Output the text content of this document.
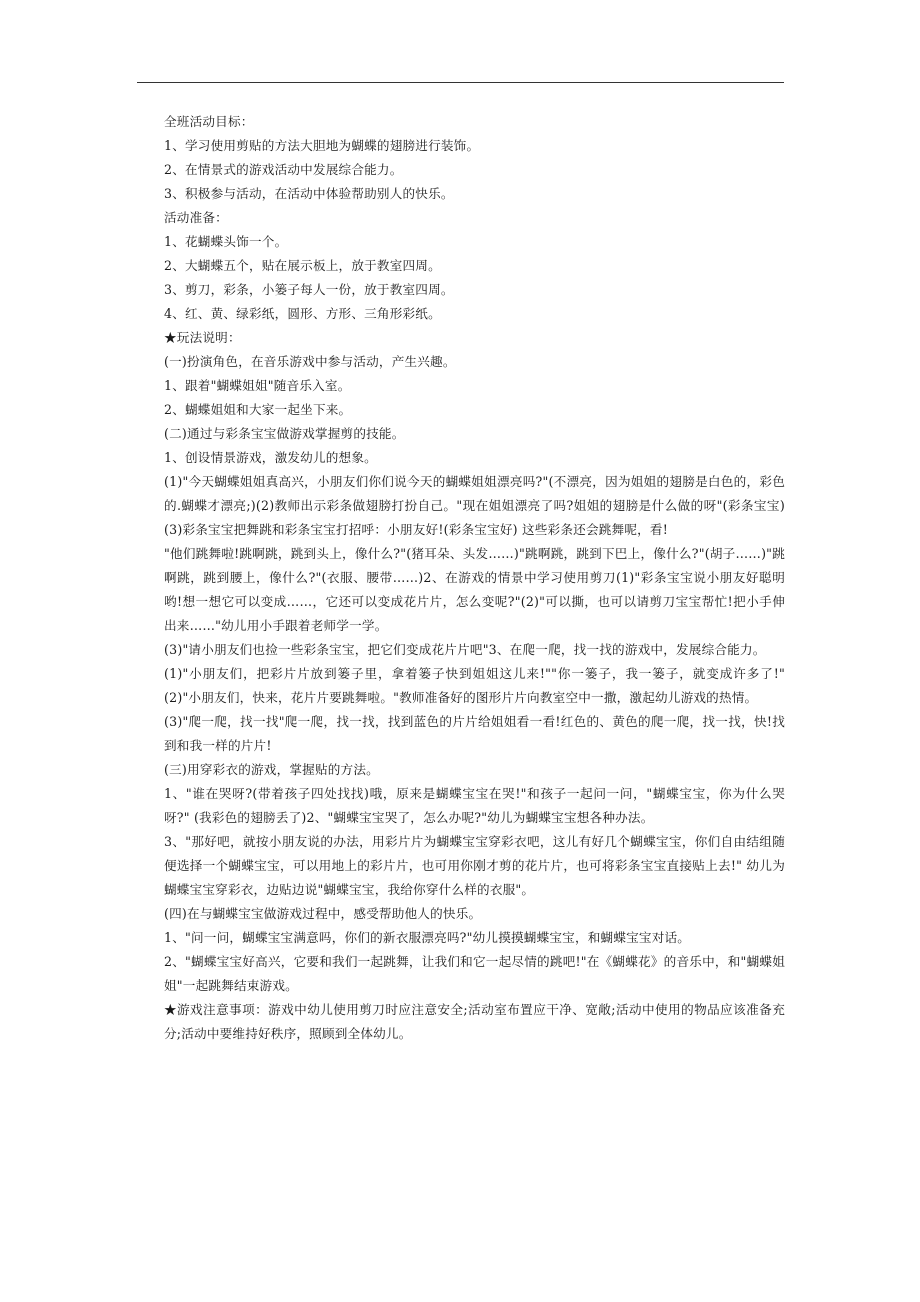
全班活动目标：

1、学习使用剪贴的方法大胆地为蝴蝶的翅膀进行装饰。

2、在情景式的游戏活动中发展综合能力。

3、积极参与活动，在活动中体验帮助别人的快乐。

活动准备：

1、花蝴蝶头饰一个。

2、大蝴蝶五个，贴在展示板上，放于教室四周。

3、剪刀，彩条，小篓子每人一份，放于教室四周。

4、红、黄、绿彩纸，圆形、方形、三角形彩纸。

★玩法说明：

(一)扮演角色，在音乐游戏中参与活动，产生兴趣。

1、跟着"蝴蝶姐姐"随音乐入室。

2、蝴蝶姐姐和大家一起坐下来。

(二)通过与彩条宝宝做游戏掌握剪的技能。

1、创设情景游戏，激发幼儿的想象。

(1)"今天蝴蝶姐姐真高兴，小朋友们你们说今天的蝴蝶姐姐漂亮吗?"(不漂亮，因为姐姐的翅膀是白色的，彩色的.蝴蝶才漂亮;)(2)教师出示彩条做翅膀打扮自己。"现在姐姐漂亮了吗?姐姐的翅膀是什么做的呀"(彩条宝宝)(3)彩条宝宝把舞跳和彩条宝宝打招呼：小朋友好!(彩条宝宝好) 这些彩条还会跳舞呢，看!

"他们跳舞啦!跳啊跳，跳到头上，像什么?"(猪耳朵、头发……)"跳啊跳，跳到下巴上，像什么?"(胡子……)"跳啊跳，跳到腰上，像什么?"(衣服、腰带……)2、在游戏的情景中学习使用剪刀(1)"彩条宝宝说小朋友好聪明哟!想一想它可以变成……，它还可以变成花片片，怎么变呢?"(2)"可以撕，也可以请剪刀宝宝帮忙!把小手伸出来……"幼儿用小手跟着老师学一学。

(3)"请小朋友们也捡一些彩条宝宝，把它们变成花片片吧"3、在爬一爬，找一找的游戏中，发展综合能力。

(1)"小朋友们，把彩片片放到篓子里，拿着篓子快到姐姐这儿来!""你一篓子，我一篓子，就变成许多了!"(2)"小朋友们，快来，花片片要跳舞啦。"教师准备好的图形片片向教室空中一撒，激起幼儿游戏的热情。

(3)"爬一爬，找一找"爬一爬，找一找，找到蓝色的片片给姐姐看一看!红色的、黄色的爬一爬，找一找，快!找到和我一样的片片!

(三)用穿彩衣的游戏，掌握贴的方法。

1、"谁在哭呀?(带着孩子四处找找)哦，原来是蝴蝶宝宝在哭!"和孩子一起问一问，"蝴蝶宝宝，你为什么哭呀?" (我彩色的翅膀丢了)2、"蝴蝶宝宝哭了，怎么办呢?"幼儿为蝴蝶宝宝想各种办法。

3、"那好吧，就按小朋友说的办法，用彩片片为蝴蝶宝宝穿彩衣吧，这儿有好几个蝴蝶宝宝，你们自由结组随便选择一个蝴蝶宝宝，可以用地上的彩片片，也可用你刚才剪的花片片，也可将彩条宝宝直接贴上去!" 幼儿为蝴蝶宝宝穿彩衣，边贴边说"蝴蝶宝宝，我给你穿什么样的衣服"。

(四)在与蝴蝶宝宝做游戏过程中，感受帮助他人的快乐。

1、"问一问，蝴蝶宝宝满意吗，你们的新衣服漂亮吗?"幼儿摸摸蝴蝶宝宝，和蝴蝶宝宝对话。

2、"蝴蝶宝宝好高兴，它要和我们一起跳舞，让我们和它一起尽情的跳吧!"在《蝴蝶花》的音乐中，和"蝴蝶姐姐"一起跳舞结束游戏。

★游戏注意事项：游戏中幼儿使用剪刀时应注意安全;活动室布置应干净、宽敞;活动中使用的物品应该准备充分;活动中要维持好秩序，照顾到全体幼儿。
